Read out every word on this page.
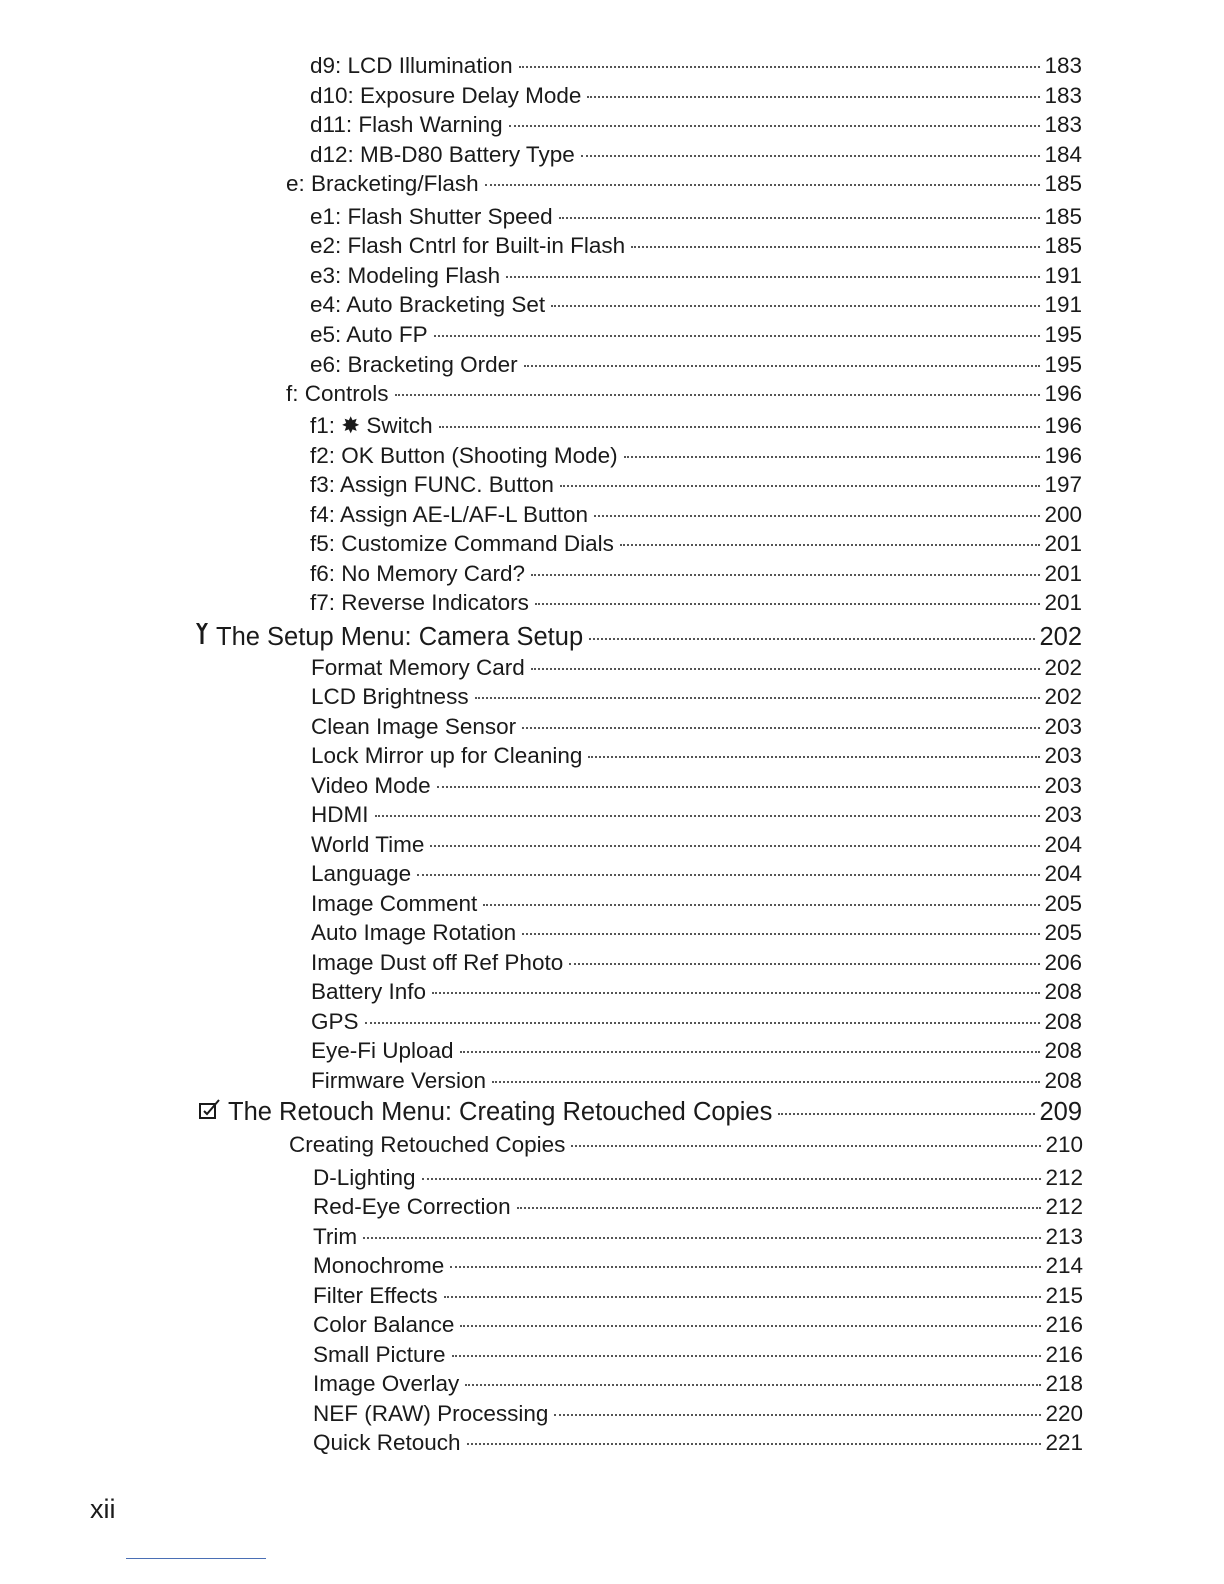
d9: LCD Illumination	183
d10: Exposure Delay Mode	183
d11: Flash Warning	183
d12: MB-D80 Battery Type	184
e: Bracketing/Flash	185
e1: Flash Shutter Speed	185
e2: Flash Cntrl for Built-in Flash	185
e3: Modeling Flash	191
e4: Auto Bracketing Set	191
e5: Auto FP	195
e6: Bracketing Order	195
f: Controls	196
f1: ✸ Switch	196
f2: OK Button (Shooting Mode)	196
f3: Assign FUNC. Button	197
f4: Assign AE-L/AF-L Button	200
f5: Customize Command Dials	201
f6: No Memory Card?	201
f7: Reverse Indicators	201
The Setup Menu: Camera Setup	202
Format Memory Card	202
LCD Brightness	202
Clean Image Sensor	203
Lock Mirror up for Cleaning	203
Video Mode	203
HDMI	203
World Time	204
Language	204
Image Comment	205
Auto Image Rotation	205
Image Dust off Ref Photo	206
Battery Info	208
GPS	208
Eye-Fi Upload	208
Firmware Version	208
The Retouch Menu: Creating Retouched Copies	209
Creating Retouched Copies	210
D-Lighting	212
Red-Eye Correction	212
Trim	213
Monochrome	214
Filter Effects	215
Color Balance	216
Small Picture	216
Image Overlay	218
NEF (RAW) Processing	220
Quick Retouch	221
xii
